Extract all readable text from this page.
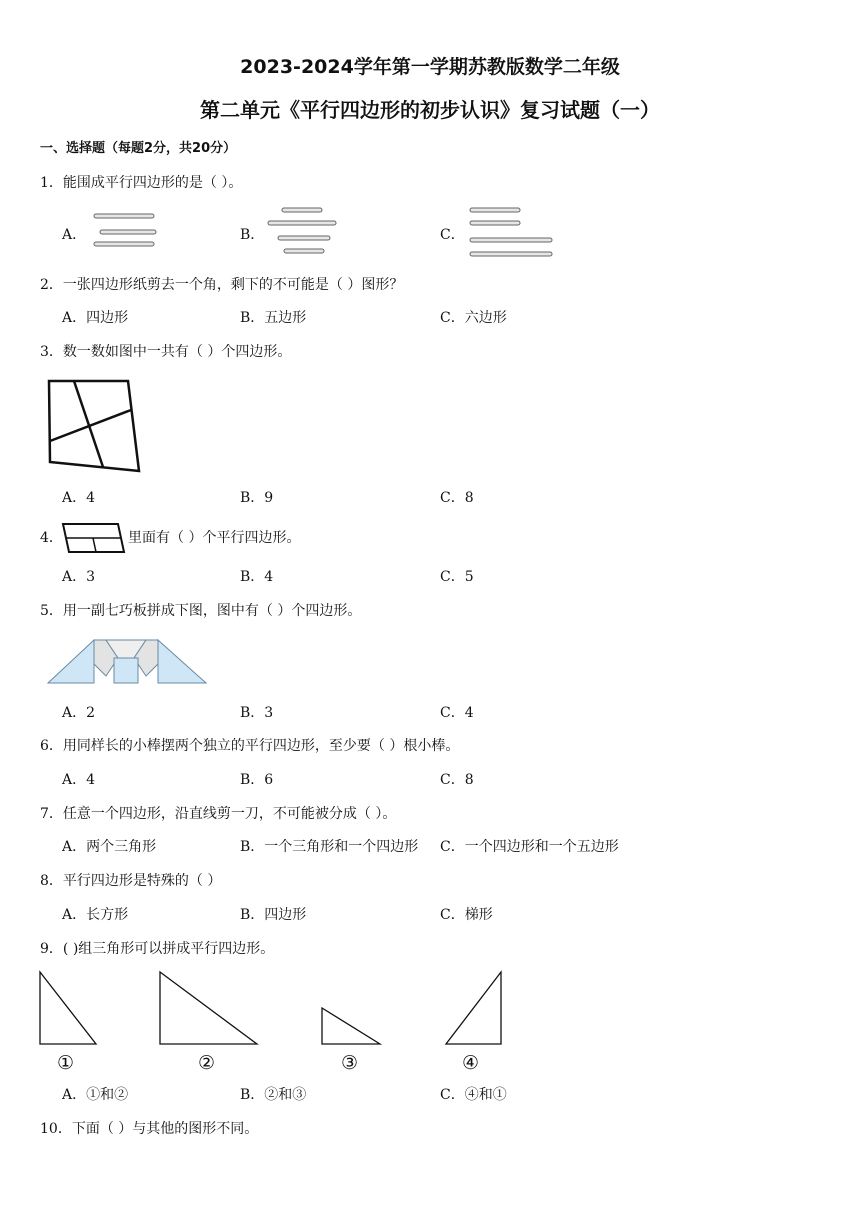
2023-2024学年第一学期苏教版数学二年级
第二单元《平行四边形的初步认识》复习试题（一）
一、选择题（每题2分，共20分）
1．能围成平行四边形的是（ ）。
A．	B．	C．
2．一张四边形纸剪去一个角，剩下的不可能是（ ）图形？
A．四边形	B．五边形	C．六边形
3．数一数如图中一共有（ ）个四边形。
A．4	B．9	C．8
4．	里面有（ ）个平行四边形。
A．3	B．4	C．5
5．用一副七巧板拼成下图，图中有（ ）个四边形。
A．2	B．3	C．4
6．用同样长的小棒摆两个独立的平行四边形，至少要（ ）根小棒。
A．4	B．6	C．8
7．任意一个四边形，沿直线剪一刀，不可能被分成（ ）。
A．两个三角形	B．一个三角形和一个四边形 C．一个四边形和一个五边形
8．平行四边形是特殊的（ ）
A．长方形	B．四边形	C．梯形
9．( )组三角形可以拼成平行四边形。
①	②	③	④
A．①和②	B．②和③	C．④和①
10．下面（ ）与其他的图形不同。
